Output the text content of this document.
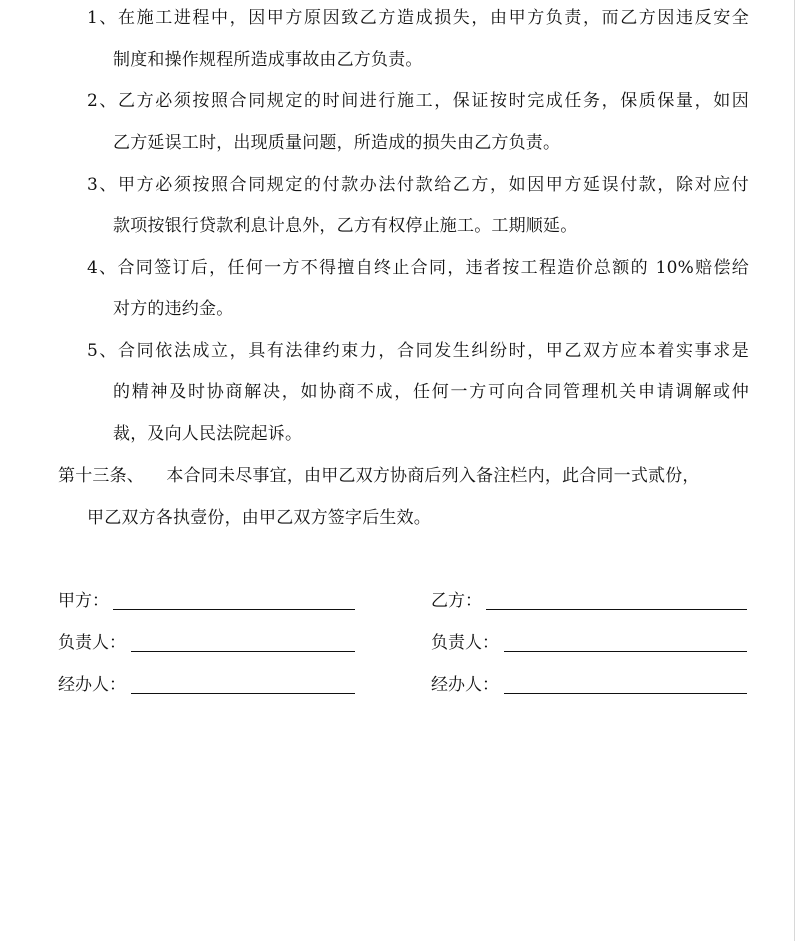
1、在施工进程中，因甲方原因致乙方造成损失，由甲方负责，而乙方因违反安全
制度和操作规程所造成事故由乙方负责。
2、乙方必须按照合同规定的时间进行施工，保证按时完成任务，保质保量，如因
乙方延误工时，出现质量问题，所造成的损失由乙方负责。
3、甲方必须按照合同规定的付款办法付款给乙方，如因甲方延误付款，除对应付
款项按银行贷款利息计息外，乙方有权停止施工。工期顺延。
4、合同签订后，任何一方不得擅自终止合同，违者按工程造价总额的 10%赔偿给
对方的违约金。
5、合同依法成立，具有法律约束力，合同发生纠纷时，甲乙双方应本着实事求是
的精神及时协商解决，如协商不成，任何一方可向合同管理机关申请调解或仲
裁，及向人民法院起诉。
第十三条、    本合同未尽事宜，由甲乙双方协商后列入备注栏内，此合同一式贰份，
甲乙双方各执壹份，由甲乙双方签字后生效。
甲方：
负责人：
经办人：
乙方：
负责人：
经办人：
